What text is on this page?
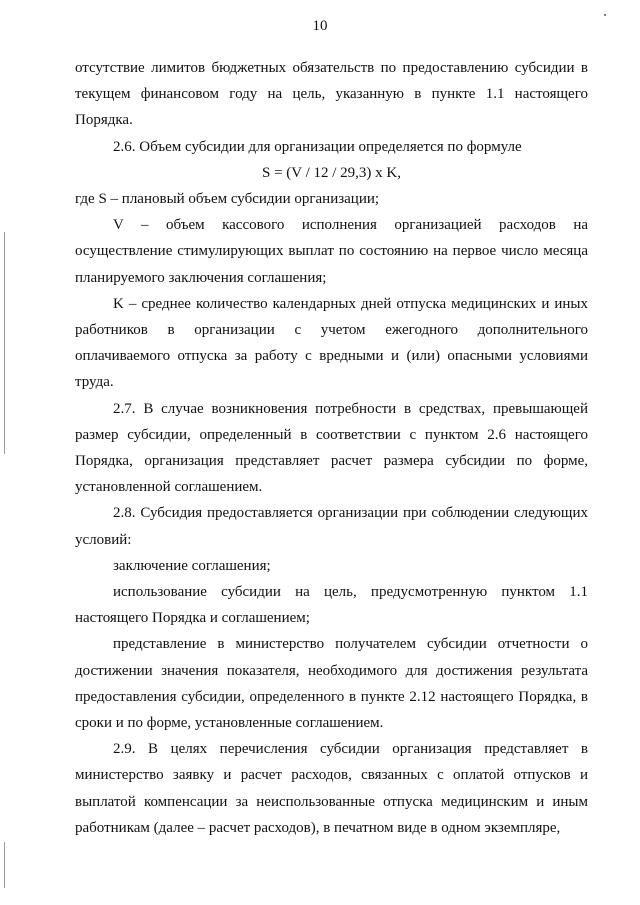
10

отсутствие лимитов бюджетных обязательств по предоставлению субсидии в текущем финансовом году на цель, указанную в пункте 1.1 настоящего Порядка.

2.6. Объем субсидии для организации определяется по формуле

S = (V / 12 / 29,3) x K,

где S – плановый объем субсидии организации;

V – объем кассового исполнения организацией расходов на осуществление стимулирующих выплат по состоянию на первое число месяца планируемого заключения соглашения;

K – среднее количество календарных дней отпуска медицинских и иных работников в организации с учетом ежегодного дополнительного оплачиваемого отпуска за работу с вредными и (или) опасными условиями труда.

2.7. В случае возникновения потребности в средствах, превышающей размер субсидии, определенный в соответствии с пунктом 2.6 настоящего Порядка, организация представляет расчет размера субсидии по форме, установленной соглашением.

2.8. Субсидия предоставляется организации при соблюдении следующих условий:

заключение соглашения;

использование субсидии на цель, предусмотренную пунктом 1.1 настоящего Порядка и соглашением;

представление в министерство получателем субсидии отчетности о достижении значения показателя, необходимого для достижения результата предоставления субсидии, определенного в пункте 2.12 настоящего Порядка, в сроки и по форме, установленные соглашением.

2.9. В целях перечисления субсидии организация представляет в министерство заявку и расчет расходов, связанных с оплатой отпусков и выплатой компенсации за неиспользованные отпуска медицинским и иным работникам (далее – расчет расходов), в печатном виде в одном экземпляре,
